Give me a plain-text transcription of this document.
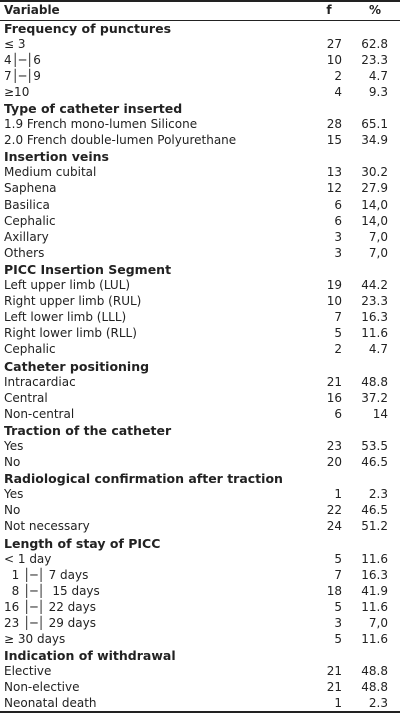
Variable	f	%
Frequency of punctures		
≤ 3	27	62.8
4│─│6	10	23.3
7│─│9	2	4.7
≥10	4	9.3
Type of catheter inserted		
1.9 French mono-lumen Silicone	28	65.1
2.0 French double-lumen Polyurethane	15	34.9
Insertion veins		
Medium cubital	13	30.2
Saphena	12	27.9
Basilica	6	14,0
Cephalic	6	14,0
Axillary	3	7,0
Others	3	7,0
PICC Insertion Segment		
Left upper limb (LUL)	19	44.2
Right upper limb (RUL)	10	23.3
Left lower limb (LLL)	7	16.3
Right lower limb (RLL)	5	11.6
Cephalic	2	4.7
Catheter positioning		
Intracardiac	21	48.8
Central	16	37.2
Non-central	6	14
Traction of the catheter		
Yes	23	53.5
No	20	46.5
Radiological confirmation after traction		
Yes	1	2.3
No	22	46.5
Not necessary	24	51.2
Length of stay of PICC		
< 1 day	5	11.6
1 │─│ 7 days	7	16.3
8 │─│  15 days	18	41.9
16 │─│ 22 days	5	11.6
23 │─│ 29 days	3	7,0
≥ 30 days	5	11.6
Indication of withdrawal		
Elective	21	48.8
Non-elective	21	48.8
Neonatal death	1	2.3
